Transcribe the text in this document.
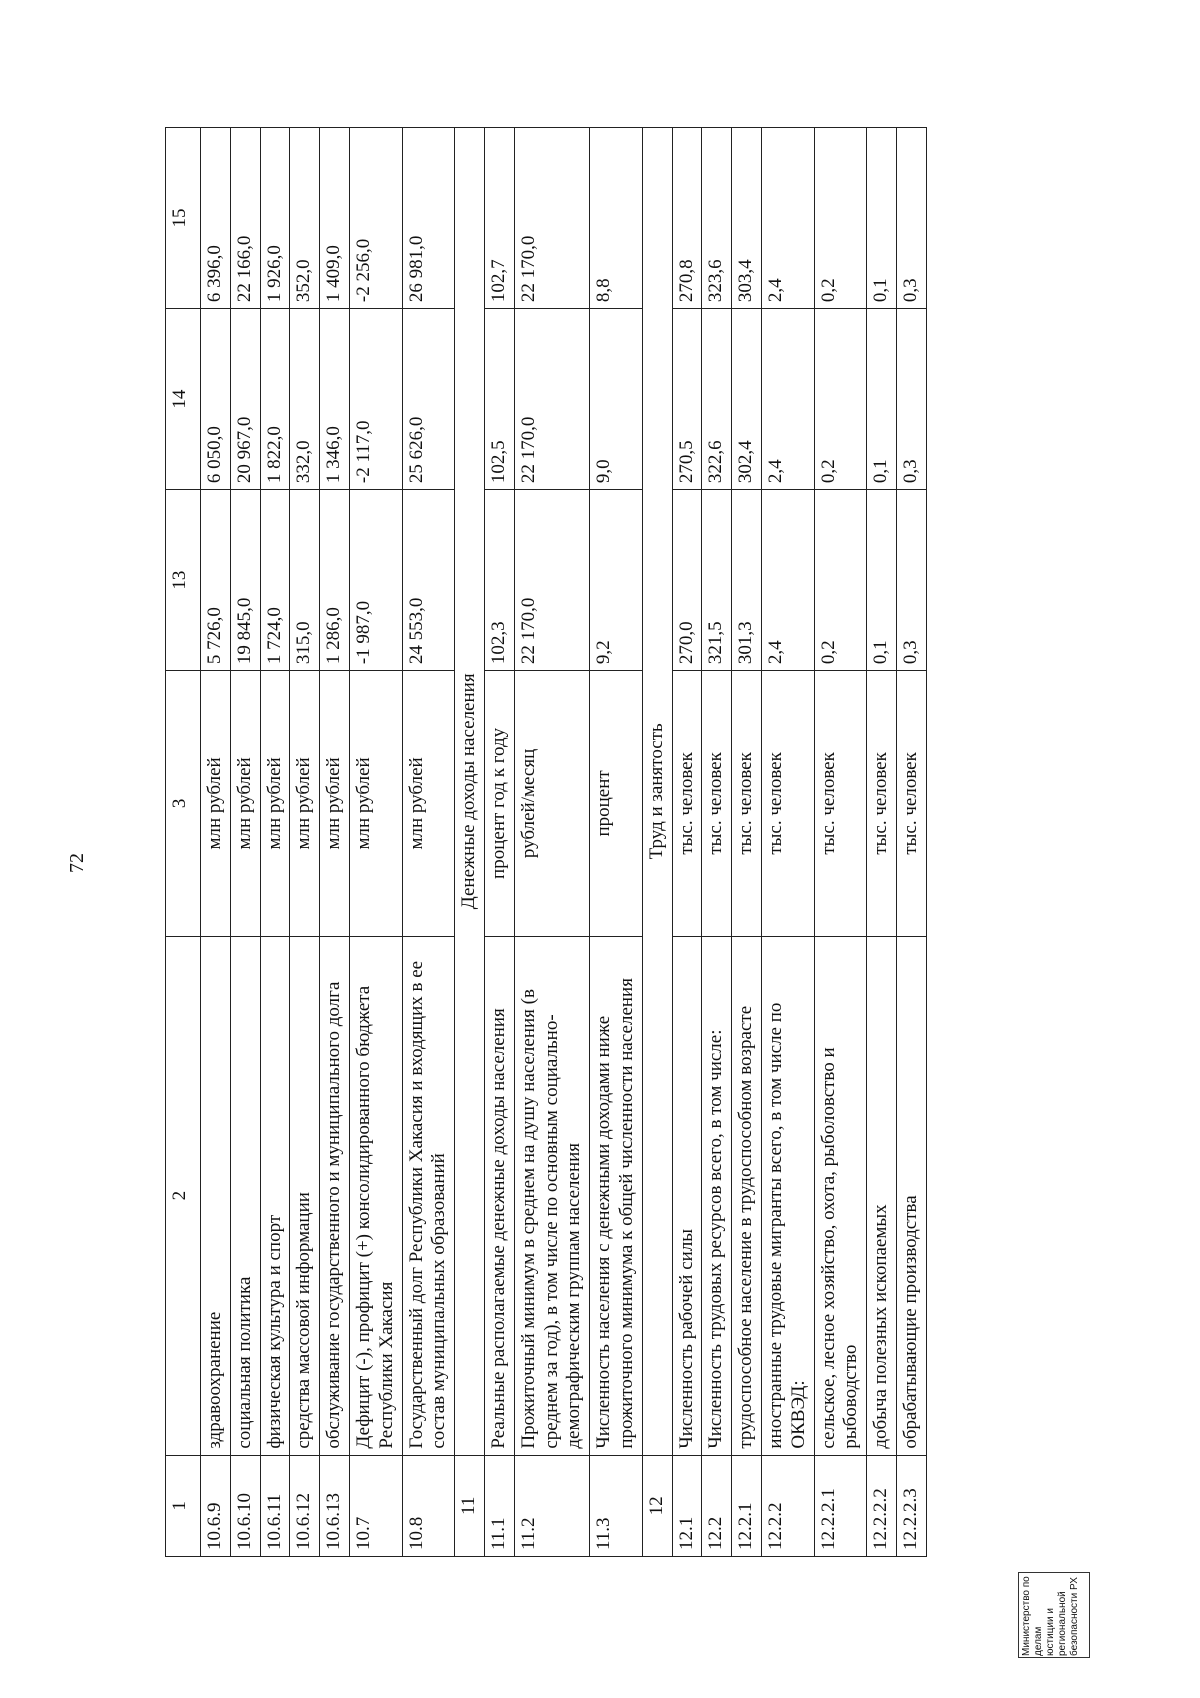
72
1	2	3	13	14	15
10.6.9	здравоохранение	млн рублей	5 726,0	6 050,0	6 396,0
10.6.10	социальная политика	млн рублей	19 845,0	20 967,0	22 166,0
10.6.11	физическая культура и спорт	млн рублей	1 724,0	1 822,0	1 926,0
10.6.12	средства массовой информации	млн рублей	315,0	332,0	352,0
10.6.13	обслуживание государственного и муниципального долга	млн рублей	1 286,0	1 346,0	1 409,0
10.7	Дефицит (-), профицит (+) консолидированного бюджета Республики Хакасия	млн рублей	-1 987,0	-2 117,0	-2 256,0
10.8	Государственный долг Республики Хакасия и входящих в ее состав муниципальных образований	млн рублей	24 553,0	25 626,0	26 981,0
11	Денежные доходы населения				
11.1	Реальные располагаемые денежные доходы населения	процент год к году	102,3	102,5	102,7
11.2	Прожиточный минимум в среднем на душу населения (в среднем за год), в том числе по основным социально-демографическим группам населения	рублей/месяц	22 170,0	22 170,0	22 170,0
11.3	Численность населения с денежными доходами ниже прожиточного минимума к общей численности населения	процент	9,2	9,0	8,8
12	Труд и занятость				
12.1	Численность рабочей силы	тыс. человек	270,0	270,5	270,8
12.2	Численность трудовых ресурсов всего, в том числе:	тыс. человек	321,5	322,6	323,6
12.2.1	трудоспособное население в трудоспособном возрасте	тыс. человек	301,3	302,4	303,4
12.2.2	иностранные трудовые мигранты всего, в том числе по ОКВЭД:	тыс. человек	2,4	2,4	2,4
12.2.2.1	сельское, лесное хозяйство, охота, рыболовство и рыбоводство	тыс. человек	0,2	0,2	0,2
12.2.2.2	добыча полезных ископаемых	тыс. человек	0,1	0,1	0,1
12.2.2.3	обрабатывающие производства	тыс. человек	0,3	0,3	0,3
Министерство по делам юстиции и региональной безопасности РХ
